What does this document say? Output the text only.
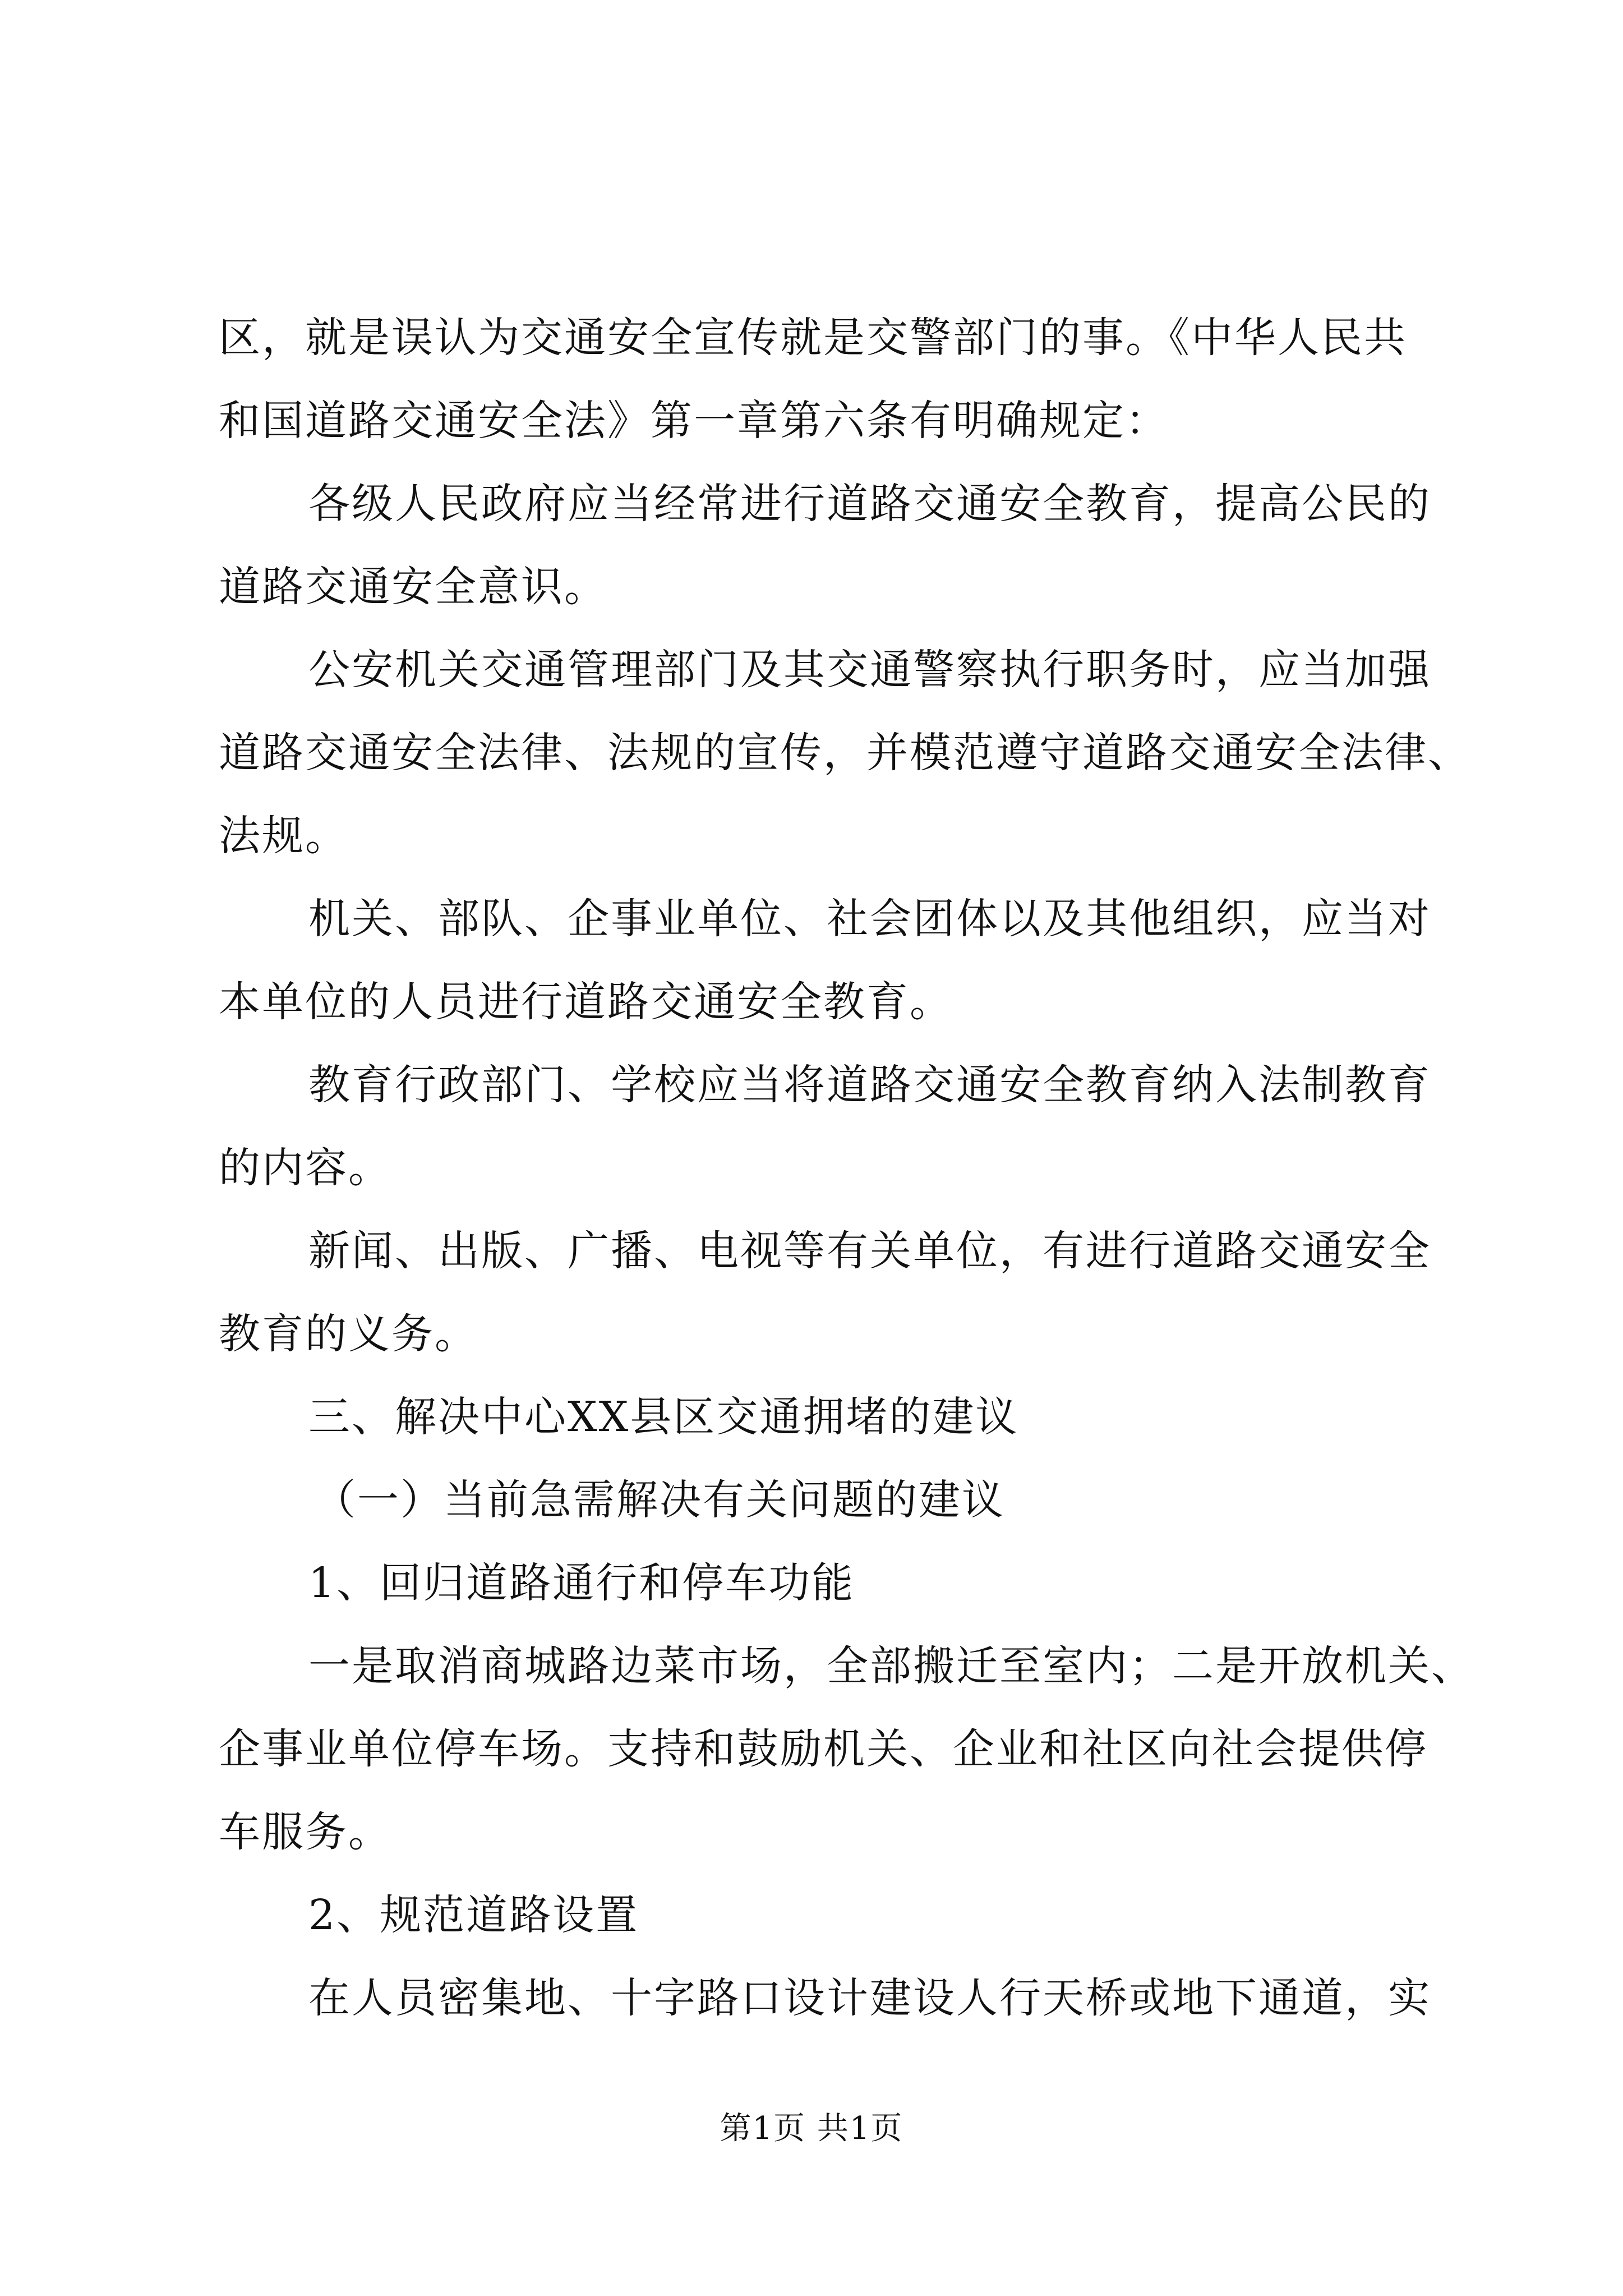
区，就是误认为交通安全宣传就是交警部门的事。《中华人民共
和国道路交通安全法》第一章第六条有明确规定：
各级人民政府应当经常进行道路交通安全教育，提高公民的
道路交通安全意识。
公安机关交通管理部门及其交通警察执行职务时，应当加强
道路交通安全法律、法规的宣传，并模范遵守道路交通安全法律、
法规。
机关、部队、企事业单位、社会团体以及其他组织，应当对
本单位的人员进行道路交通安全教育。
教育行政部门、学校应当将道路交通安全教育纳入法制教育
的内容。
新闻、出版、广播、电视等有关单位，有进行道路交通安全
教育的义务。
三、解决中心XX县区交通拥堵的建议
（一）当前急需解决有关问题的建议
1、回归道路通行和停车功能
一是取消商城路边菜市场，全部搬迁至室内；二是开放机关、
企事业单位停车场。支持和鼓励机关、企业和社区向社会提供停
车服务。
2、规范道路设置
在人员密集地、十字路口设计建设人行天桥或地下通道，实
第1页 共1页
